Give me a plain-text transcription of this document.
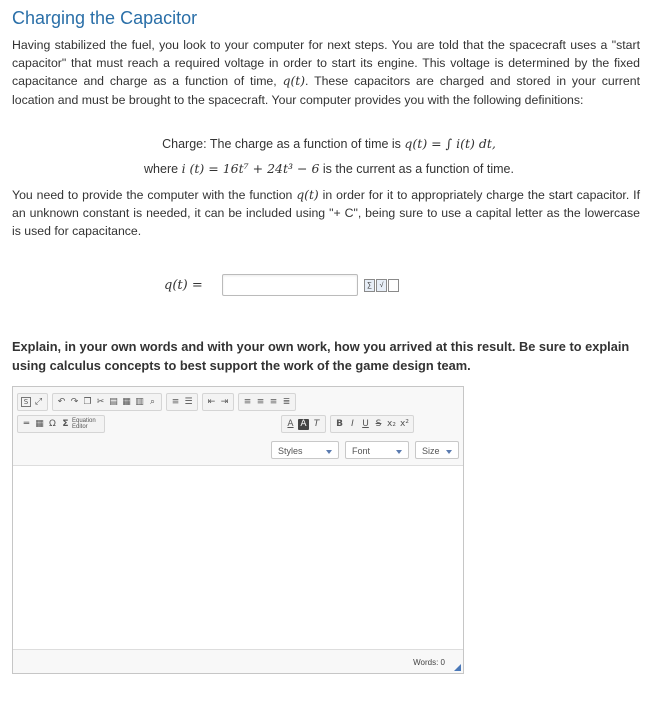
Charging the Capacitor
Having stabilized the fuel, you look to your computer for next steps. You are told that the spacecraft uses a "start capacitor" that must reach a required voltage in order to start its engine. This voltage is determined by the fixed capacitance and charge as a function of time, q(t). These capacitors are charged and stored in your current location and must be brought to the spacecraft. Your computer provides you with the following definitions:
Charge: The charge as a function of time is q(t) = ∫ i(t) dt,
where i (t) = 16t⁷ + 24t³ − 6 is the current as a function of time.
You need to provide the computer with the function q(t) in order for it to appropriately charge the start capacitor. If an unknown constant is needed, it can be included using "+ C", being sure to use a capital letter as the lowercase is used for capacitance.
q(t) =	∑	√
Explain, in your own words and with your own work, how you arrived at this result. Be sure to explain using calculus concepts to best support the work of the game design team.
S ⤢ ↶ ↷ ❐ ✂ ▤ ▦ ▥ ⌕	≡ ☰ ⇤ ⇥ ≡ ≡ ≡ ≣
═ ▦ Ω Σ Equation
Editor	A A T	B I U S x₂ x²
Styles	Font	Size
Words: 0
